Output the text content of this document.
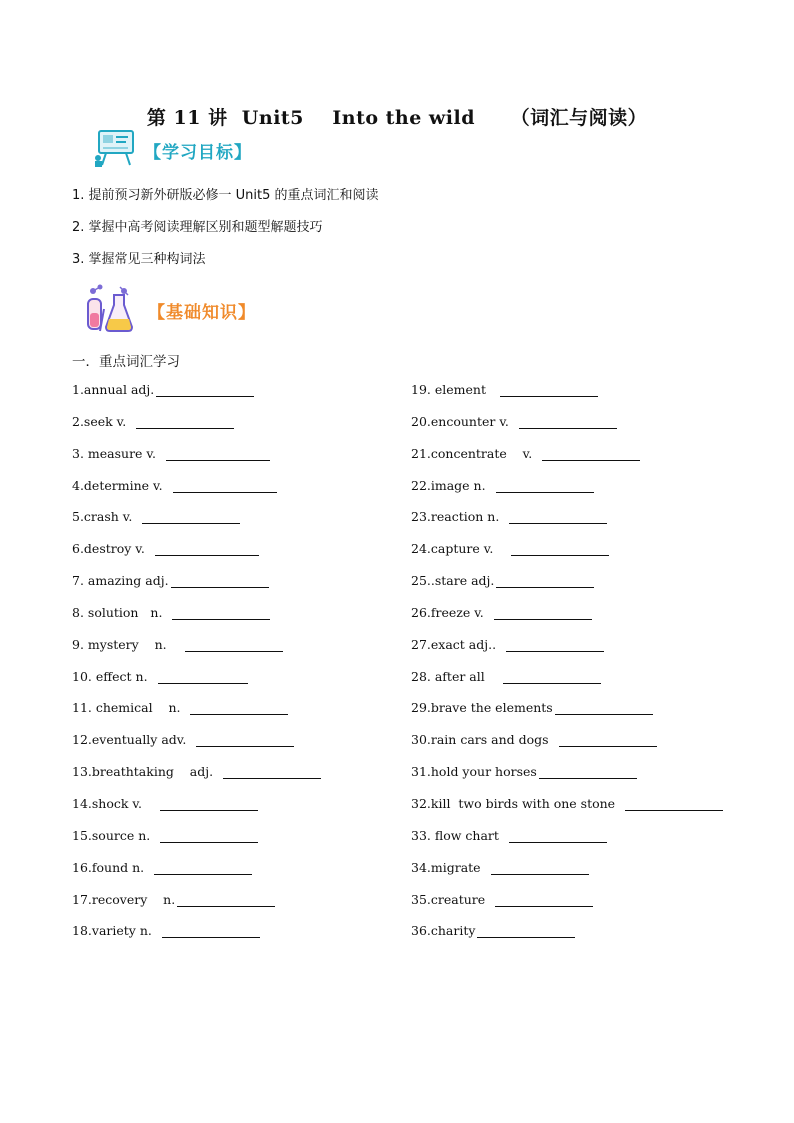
第 11 讲  Unit5    Into the wild     （词汇与阅读）
【学习目标】
1. 提前预习新外研版必修一 Unit5 的重点词汇和阅读
2. 掌握中高考阅读理解区别和题型解题技巧
3. 掌握常见三种构词法
【基础知识】
一．重点词汇学习
1.annual adj.
2.seek v.
3. measure v.
4.determine v.
5.crash v.
6.destroy v.
7. amazing adj.
8. solution   n.
9. mystery    n.
10. effect n.
11. chemical    n.
12.eventually adv.
13.breathtaking    adj.
14.shock v.
15.source n.
16.found n.
17.recovery    n.
18.variety n.
19. element
20.encounter v.
21.concentrate    v.
22.image n.
23.reaction n.
24.capture v.
25..stare adj.
26.freeze v.
27.exact adj..
28. after all
29.brave the elements
30.rain cars and dogs
31.hold your horses
32.kill  two birds with one stone
33. flow chart
34.migrate
35.creature
36.charity
